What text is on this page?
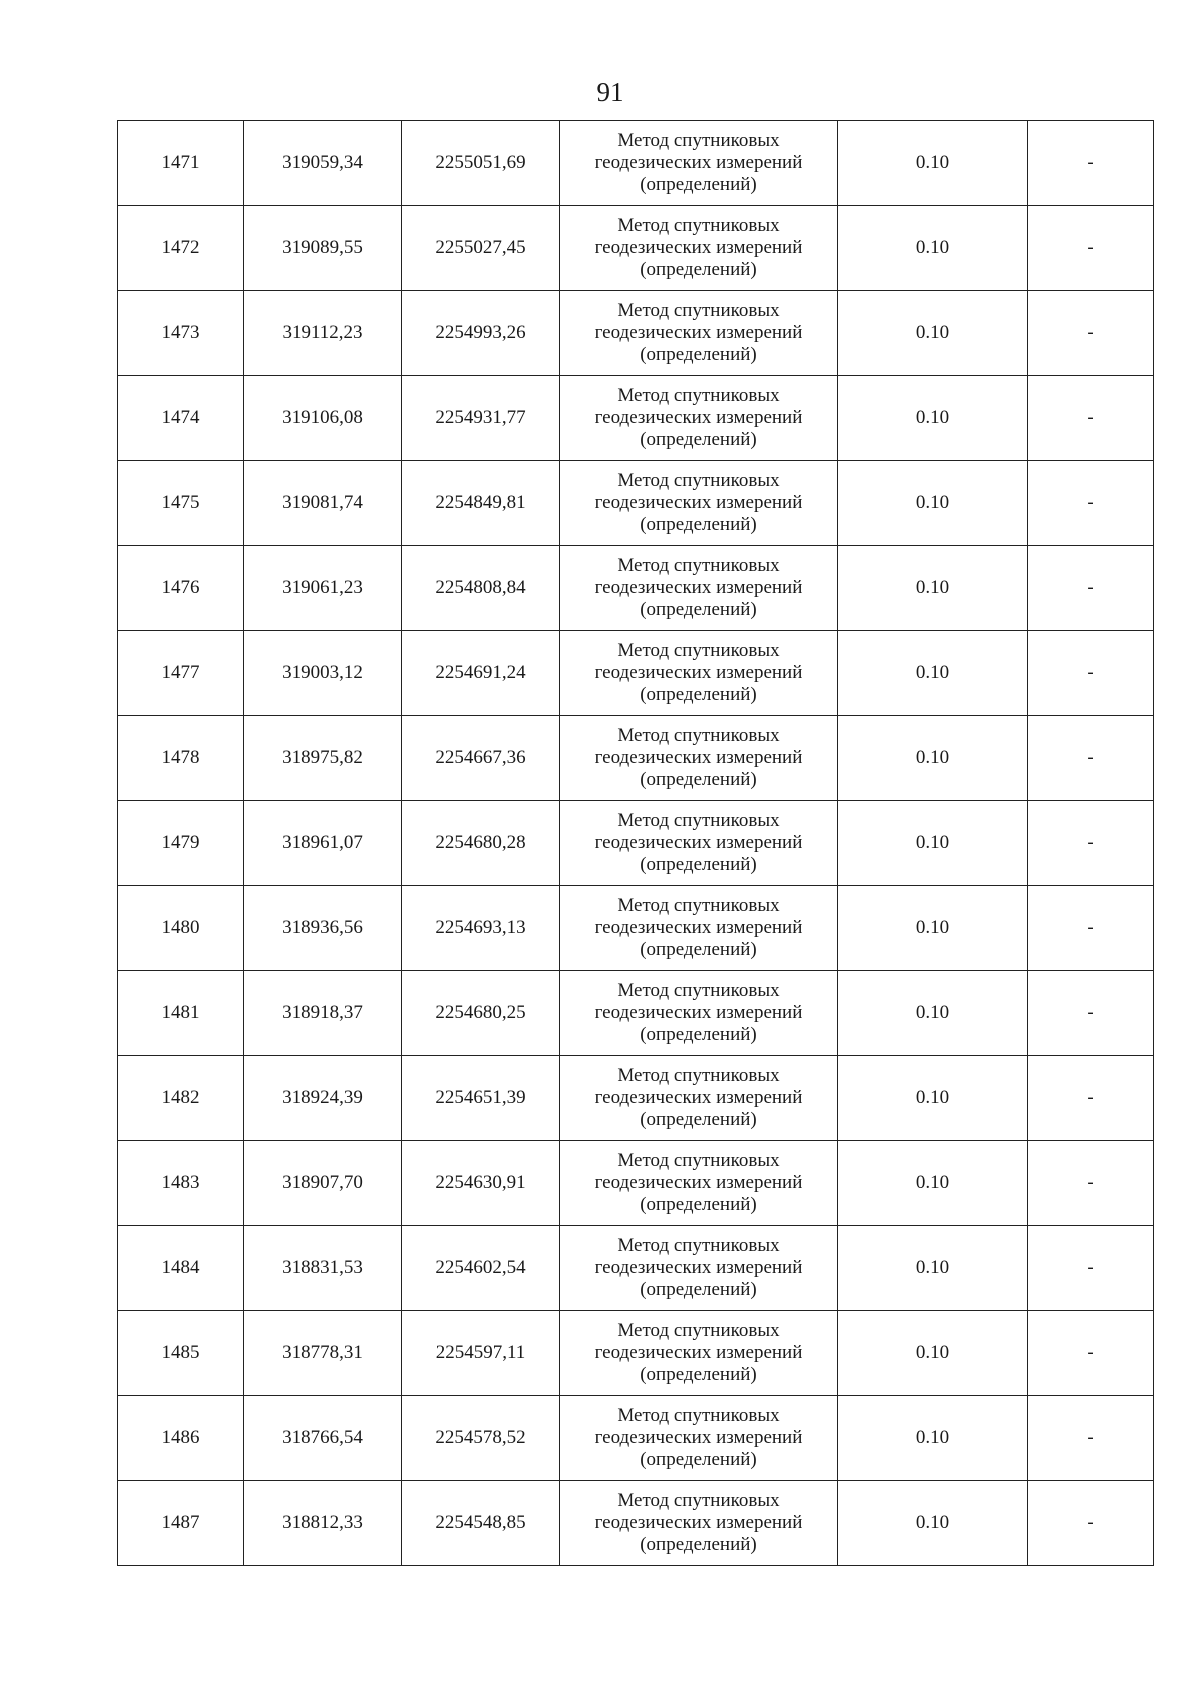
91
1471	319059,34	2255051,69	Метод спутниковых
геодезических измерений
(определений)	0.10	-
1472	319089,55	2255027,45	Метод спутниковых
геодезических измерений
(определений)	0.10	-
1473	319112,23	2254993,26	Метод спутниковых
геодезических измерений
(определений)	0.10	-
1474	319106,08	2254931,77	Метод спутниковых
геодезических измерений
(определений)	0.10	-
1475	319081,74	2254849,81	Метод спутниковых
геодезических измерений
(определений)	0.10	-
1476	319061,23	2254808,84	Метод спутниковых
геодезических измерений
(определений)	0.10	-
1477	319003,12	2254691,24	Метод спутниковых
геодезических измерений
(определений)	0.10	-
1478	318975,82	2254667,36	Метод спутниковых
геодезических измерений
(определений)	0.10	-
1479	318961,07	2254680,28	Метод спутниковых
геодезических измерений
(определений)	0.10	-
1480	318936,56	2254693,13	Метод спутниковых
геодезических измерений
(определений)	0.10	-
1481	318918,37	2254680,25	Метод спутниковых
геодезических измерений
(определений)	0.10	-
1482	318924,39	2254651,39	Метод спутниковых
геодезических измерений
(определений)	0.10	-
1483	318907,70	2254630,91	Метод спутниковых
геодезических измерений
(определений)	0.10	-
1484	318831,53	2254602,54	Метод спутниковых
геодезических измерений
(определений)	0.10	-
1485	318778,31	2254597,11	Метод спутниковых
геодезических измерений
(определений)	0.10	-
1486	318766,54	2254578,52	Метод спутниковых
геодезических измерений
(определений)	0.10	-
1487	318812,33	2254548,85	Метод спутниковых
геодезических измерений
(определений)	0.10	-
